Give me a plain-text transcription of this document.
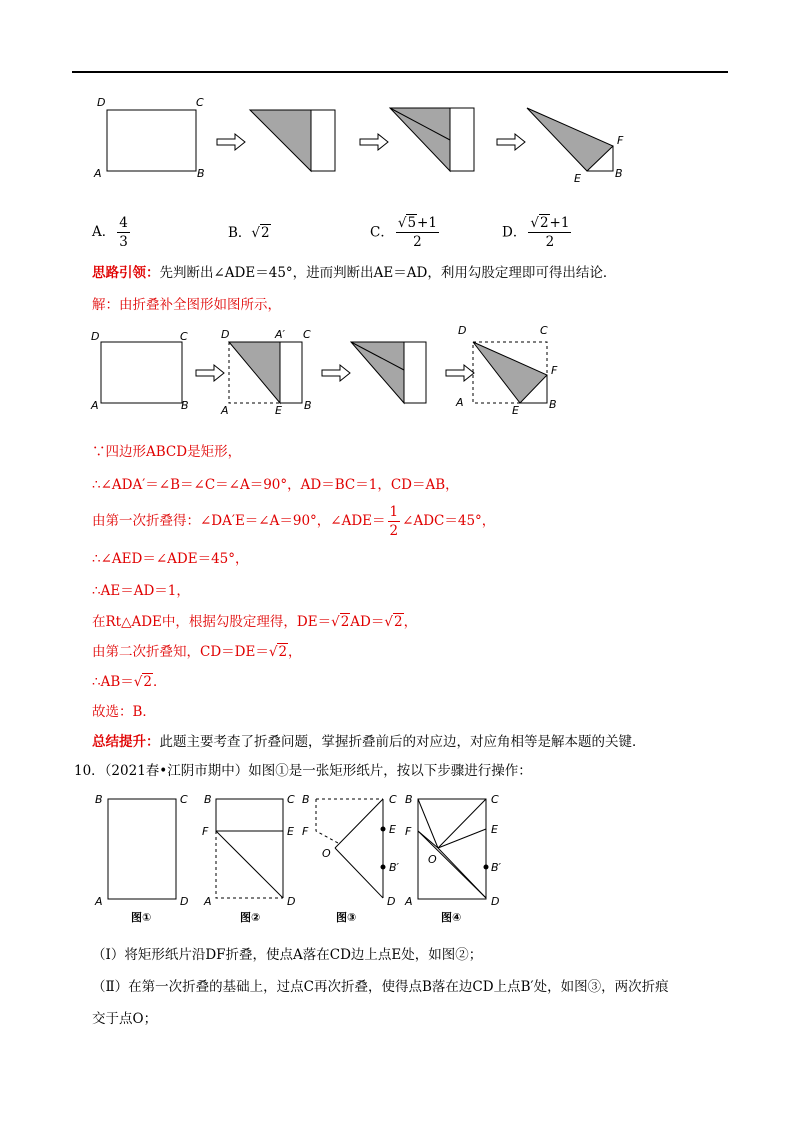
D	C
A	B
F
E	B
A． $\frac{4}{3}$	B．√2	C． $\frac{√5+1}{2}$	D． $\frac{√2+1}{2}$
思路引领：先判断出∠ADE＝45°，进而判断出AE＝AD，利用勾股定理即可得出结论．
解：由折叠补全图形如图所示，
D	C
A	B
D	A′ C
A	E B
D	C
F
A
E	B
∵四边形ABCD是矩形，
∴∠ADA′＝∠B＝∠C＝∠A＝90°，AD＝BC＝1，CD＝AB，
由第一次折叠得：∠DA′E＝∠A＝90°，∠ADE＝ $\frac{1}{2}$ ∠ADC＝45°，
∴∠AED＝∠ADE＝45°，
∴AE＝AD＝1，
在Rt△ADE中，根据勾股定理得，DE＝√2AD＝√2，
由第二次折叠知，CD＝DE＝√2，
∴AB＝√2．
故选：B．
总结提升：此题主要考查了折叠问题，掌握折叠前后的对应边，对应角相等是解本题的关键．
10．（2021春•江阴市期中）如图①是一张矩形纸片，按以下步骤进行操作：
B	C
A	D
图①
B	C
F	E
A	D
图②
B	C
F	E
O
B′
D
图③
B	C
F	E
O
B′
A	D
图④
（Ⅰ）将矩形纸片沿DF折叠，使点A落在CD边上点E处，如图②；
（Ⅱ）在第一次折叠的基础上，过点C再次折叠，使得点B落在边CD上点B′处，如图③，两次折痕
交于点O；
